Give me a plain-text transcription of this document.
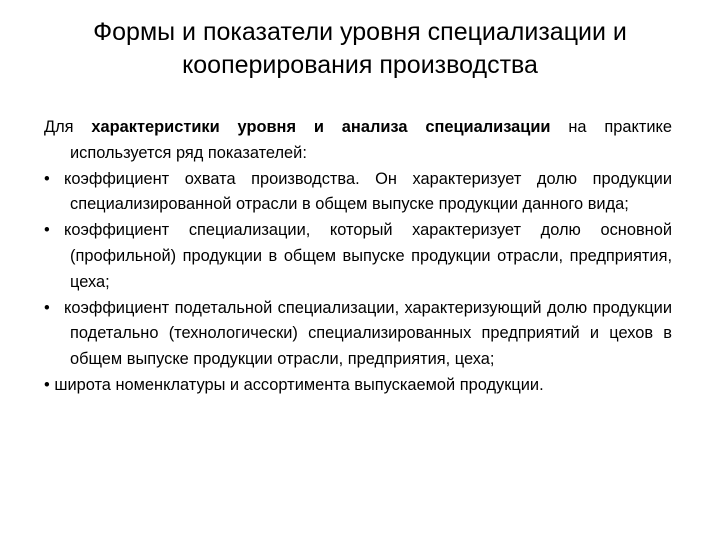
Формы и показатели уровня специализации и
кооперирования производства

Для характеристики уровня и анализа специализации на практике используется ряд показателей:

• коэффициент охвата производства. Он характеризует долю продукции специализированной отрасли в общем выпуске продукции данного вида;

• коэффициент специализации, который характеризует долю основной (профильной) продукции в общем выпуске продукции отрасли, предприятия, цеха;

• коэффициент подетальной специализации, характеризующий долю продукции подетально (технологически) специализированных предприятий и цехов в общем выпуске продукции отрасли, предприятия, цеха;

• широта номенклатуры и ассортимента выпускаемой продукции.
